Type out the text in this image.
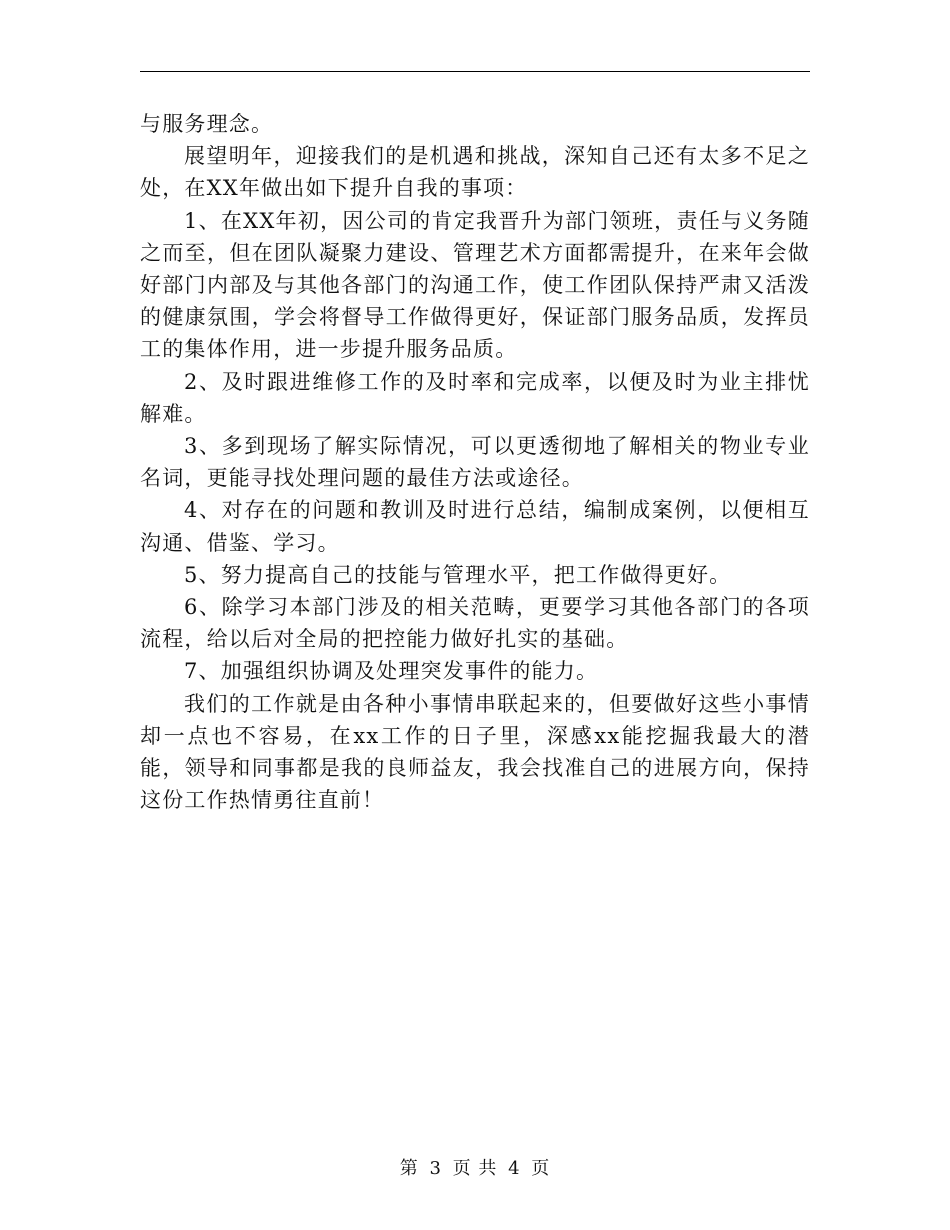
与服务理念。

展望明年，迎接我们的是机遇和挑战，深知自己还有太多不足之处，在XX年做出如下提升自我的事项：

1、在XX年初，因公司的肯定我晋升为部门领班，责任与义务随之而至，但在团队凝聚力建设、管理艺术方面都需提升，在来年会做好部门内部及与其他各部门的沟通工作，使工作团队保持严肃又活泼的健康氛围，学会将督导工作做得更好，保证部门服务品质，发挥员工的集体作用，进一步提升服务品质。

2、及时跟进维修工作的及时率和完成率，以便及时为业主排忧解难。

3、多到现场了解实际情况，可以更透彻地了解相关的物业专业名词，更能寻找处理问题的最佳方法或途径。

4、对存在的问题和教训及时进行总结，编制成案例，以便相互沟通、借鉴、学习。

5、努力提高自己的技能与管理水平，把工作做得更好。

6、除学习本部门涉及的相关范畴，更要学习其他各部门的各项流程，给以后对全局的把控能力做好扎实的基础。

7、加强组织协调及处理突发事件的能力。

我们的工作就是由各种小事情串联起来的，但要做好这些小事情却一点也不容易，在xx工作的日子里，深感xx能挖掘我最大的潜能，领导和同事都是我的良师益友，我会找准自己的进展方向，保持这份工作热情勇往直前！

第 3 页 共 4 页
